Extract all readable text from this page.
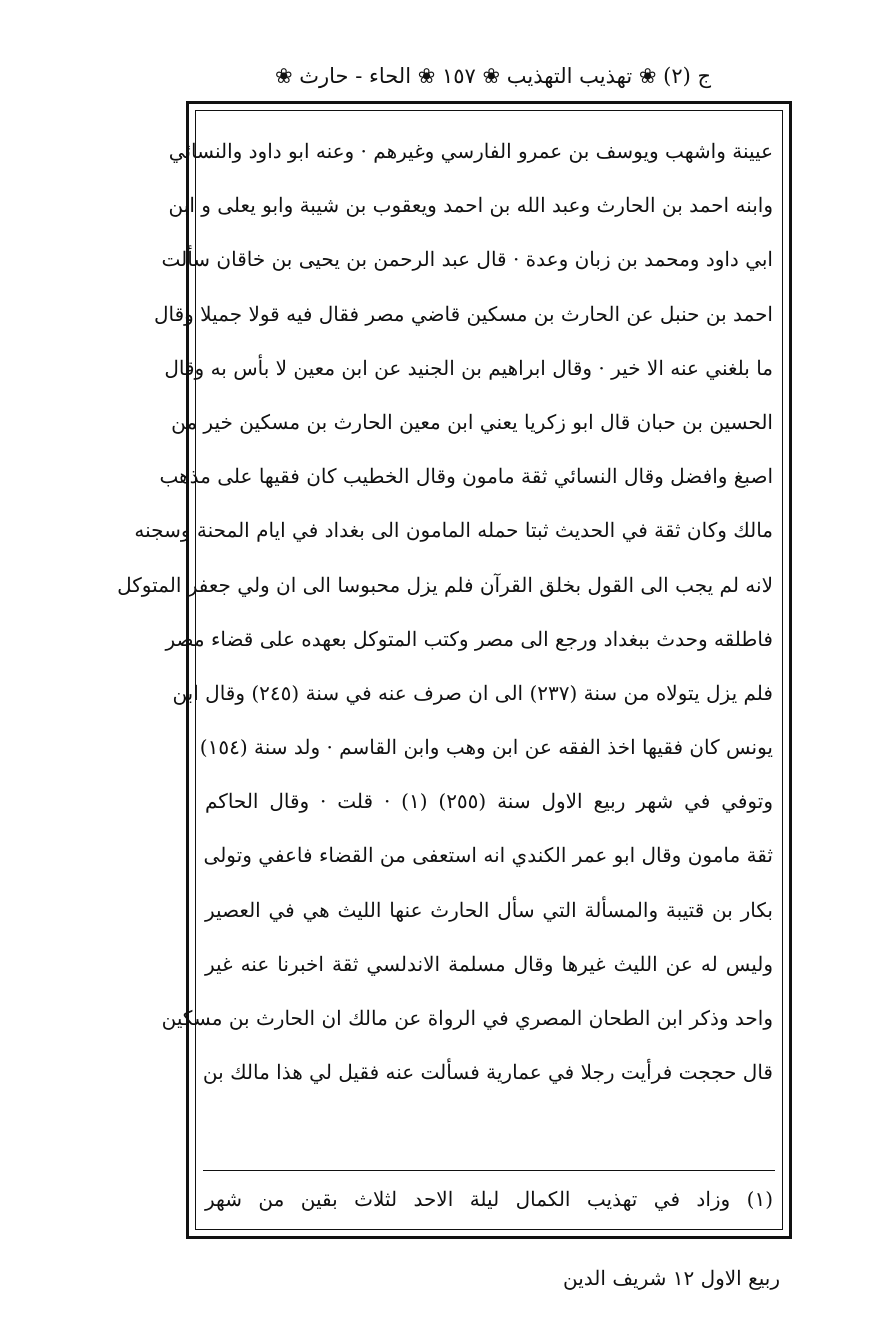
ج (٢) ❀ تهذيب التهذيب ❀ ١٥٧ ❀ الحاء - حارث ❀
عيينة واشهب ويوسف بن عمرو الفارسي وغيرهم · وعنه ابو داود والنسائي
وابنه احمد بن الحارث وعبد الله بن احمد ويعقوب بن شيبة وابو يعلى و ابن
ابي داود ومحمد بن زبان وعدة · قال عبد الرحمن بن يحيى بن خاقان سألت
احمد بن حنبل عن الحارث بن مسكين قاضي مصر فقال فيه قولا جميلا وقال
ما بلغني عنه الا خير · وقال ابراهيم بن الجنيد عن ابن معين لا بأس به وقال
الحسين بن حبان قال ابو زكريا يعني ابن معين الحارث بن مسكين خير من
اصبغ وافضل وقال النسائي ثقة مامون وقال الخطيب كان فقيها على مذهب
مالك وكان ثقة في الحديث ثبتا حمله المامون الى بغداد في ايام المحنة وسجنه
لانه لم يجب الى القول بخلق القرآن فلم يزل محبوسا الى ان ولي جعفر المتوكل
فاطلقه وحدث ببغداد ورجع الى مصر وكتب المتوكل بعهده على قضاء مصر
فلم يزل يتولاه من سنة (٢٣٧) الى ان صرف عنه في سنة (٢٤٥) وقال ابن
يونس كان فقيها اخذ الفقه عن ابن وهب وابن القاسم · ولد سنة (١٥٤)
وتوفي في شهر ربيع الاول سنة (٢٥٥) (١) · قلت · وقال الحاكم
ثقة مامون وقال ابو عمر الكندي انه استعفى من القضاء فاعفي وتولى
بكار بن قتيبة والمسألة التي سأل الحارث عنها الليث هي في العصير
وليس له عن الليث غيرها وقال مسلمة الاندلسي ثقة اخبرنا عنه غير
واحد وذكر ابن الطحان المصري في الرواة عن مالك ان الحارث بن مسكين
قال حججت فرأيت رجلا في عمارية فسألت عنه فقيل لي هذا مالك بن
(١) وزاد في تهذيب الكمال ليلة الاحد لثلاث بقين من شهر
ربيع الاول ١٢ شريف الدين
